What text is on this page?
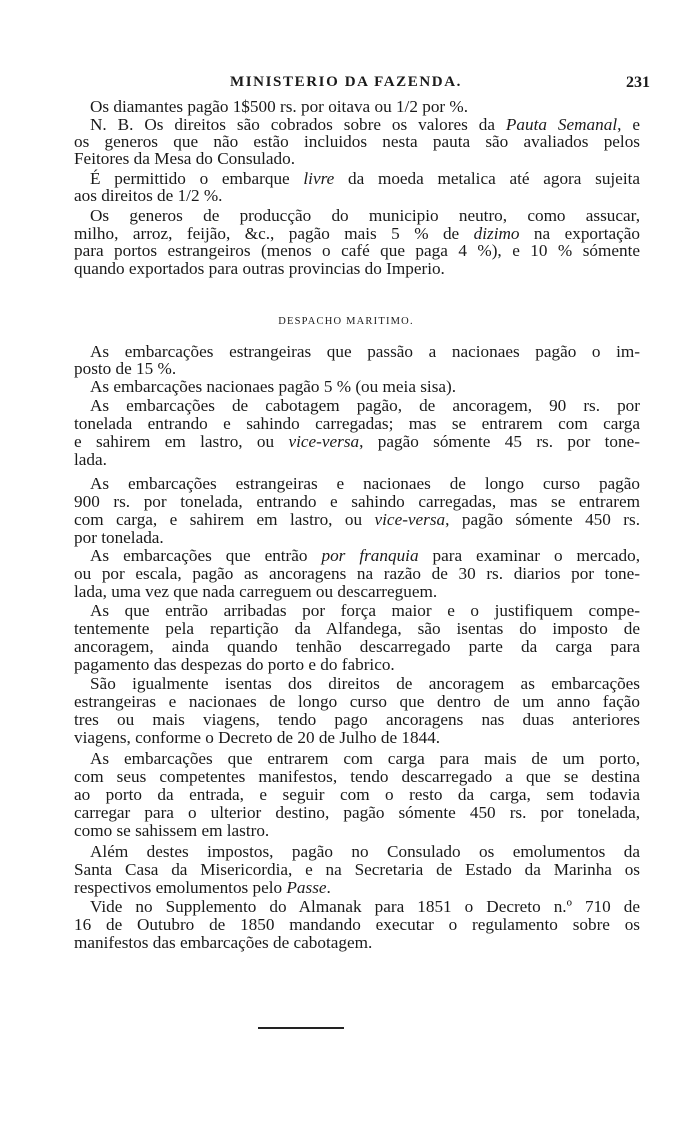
MINISTERIO DA FAZENDA.	231
DESPACHO MARITIMO.
Os diamantes pagão 1$500 rs. por oitava ou 1/2 por %.
N. B. Os direitos são cobrados sobre os valores da Pauta Semanal, e
os generos que não estão incluidos nesta pauta são avaliados pelos
Feitores da Mesa do Consulado.
É permittido o embarque livre da moeda metalica até agora sujeita
aos direitos de 1/2 %.
Os generos de producção do municipio neutro, como assucar,
milho, arroz, feijão, &c., pagão mais 5 % de dizimo na exportação
para portos estrangeiros (menos o café que paga 4 %), e 10 % sómente
quando exportados para outras provincias do Imperio.
As embarcações estrangeiras que passão a nacionaes pagão o im-
posto de 15 %.
As embarcações nacionaes pagão 5 % (ou meia sisa).
As embarcações de cabotagem pagão, de ancoragem, 90 rs. por
tonelada entrando e sahindo carregadas; mas se entrarem com carga
e sahirem em lastro, ou vice-versa, pagão sómente 45 rs. por tone-
lada.
As embarcações estrangeiras e nacionaes de longo curso pagão
900 rs. por tonelada, entrando e sahindo carregadas, mas se entrarem
com carga, e sahirem em lastro, ou vice-versa, pagão sómente 450 rs.
por tonelada.
As embarcações que entrão por franquia para examinar o mercado,
ou por escala, pagão as ancoragens na razão de 30 rs. diarios por tone-
lada, uma vez que nada carreguem ou descarreguem.
As que entrão arribadas por força maior e o justifiquem compe-
tentemente pela repartição da Alfandega, são isentas do imposto de
ancoragem, ainda quando tenhão descarregado parte da carga para
pagamento das despezas do porto e do fabrico.
São igualmente isentas dos direitos de ancoragem as embarcações
estrangeiras e nacionaes de longo curso que dentro de um anno fação
tres ou mais viagens, tendo pago ancoragens nas duas anteriores
viagens, conforme o Decreto de 20 de Julho de 1844.
As embarcações que entrarem com carga para mais de um porto,
com seus competentes manifestos, tendo descarregado a que se destina
ao porto da entrada, e seguir com o resto da carga, sem todavia
carregar para o ulterior destino, pagão sómente 450 rs. por tonelada,
como se sahissem em lastro.
Além destes impostos, pagão no Consulado os emolumentos da
Santa Casa da Misericordia, e na Secretaria de Estado da Marinha os
respectivos emolumentos pelo Passe.
Vide no Supplemento do Almanak para 1851 o Decreto n.º 710 de
16 de Outubro de 1850 mandando executar o regulamento sobre os
manifestos das embarcações de cabotagem.
